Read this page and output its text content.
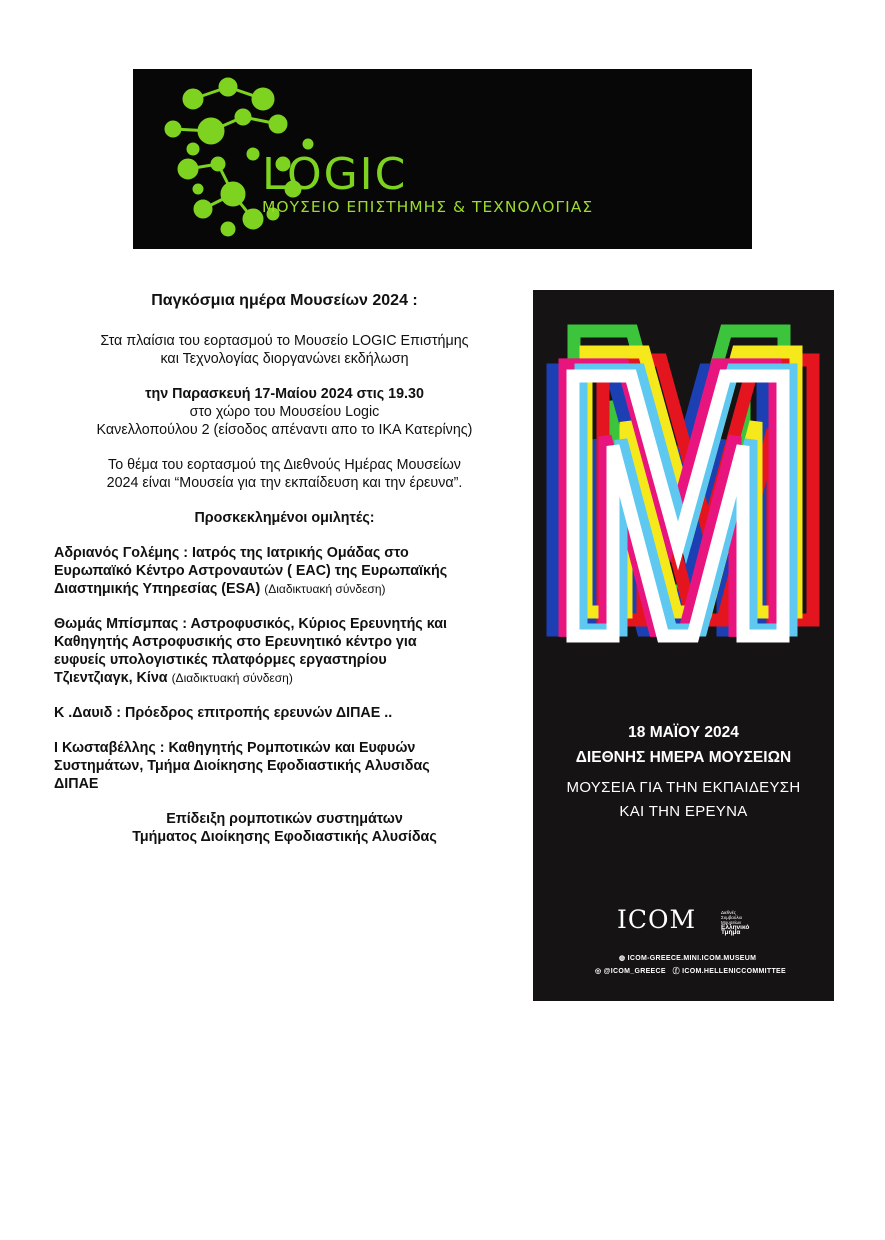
LOGIC
ΜΟΥΣΕΙΟ ΕΠΙΣΤΗΜΗΣ & ΤΕΧΝΟΛΟΓΙΑΣ
Παγκόσμια ημέρα Μουσείων 2024 :
Στα πλαίσια του εορτασμού το Μουσείο LOGIC Επιστήμης
και Τεχνολογίας διοργανώνει εκδήλωση
την Παρασκευή 17-Μαίου 2024 στις 19.30
στο χώρο του Μουσείου Logic
Κανελλοπούλου 2 (είσοδος απέναντι απο το ΙΚΑ Κατερίνης)
Το θέμα του εορτασμού της Διεθνούς Ημέρας Μουσείων
2024 είναι “Μουσεία για την εκπαίδευση και την έρευνα”.
Προσκεκλημένοι ομιλητές:
Αδριανός Γολέμης : Ιατρός της Ιατρικής Ομάδας στο
Ευρωπαϊκό Κέντρο Αστροναυτών ( EAC) της Ευρωπαϊκής
Διαστημικής Υπηρεσίας (ESA) (Διαδικτυακή σύνδεση)
Θωμάς Μπίσμπας : Αστροφυσικός, Κύριος Ερευνητής και
Καθηγητής Αστροφυσικής στο Ερευνητικό κέντρο για
ευφυείς υπολογιστικές πλατφόρμες εργαστηρίου
Τζιεντζιαγκ, Κίνα (Διαδικτυακή σύνδεση)
Κ .Δαυιδ : Πρόεδρος επιτροπής ερευνών ΔΙΠΑΕ ..
Ι Κωσταβέλλης : Καθηγητής Ρομποτικών και Ευφυών
Συστημάτων, Τμήμα Διοίκησης Εφοδιαστικής Αλυσιδας
ΔΙΠΑΕ
Επίδειξη ρομποτικών συστημάτων
Τμήματος Διοίκησης Εφοδιαστικής Αλυσίδας
18 ΜΑΪΟΥ 2024
ΔΙΕΘΝΗΣ ΗΜΕΡΑ ΜΟΥΣΕΙΩΝ
ΜΟΥΣΕΙΑ ΓΙΑ ΤΗΝ ΕΚΠΑΙΔΕΥΣΗ
ΚΑΙ ΤΗΝ ΕΡΕΥΝΑ
ICOM	Διεθνές
Συμβούλιο
Μουσείων
Ελληνικό Τμήμα
◍ ICOM-GREECE.MINI.ICOM.MUSEUM
◎ @ICOM_GREECE ⓕ ICOM.HELLENICCOMMITTEE
